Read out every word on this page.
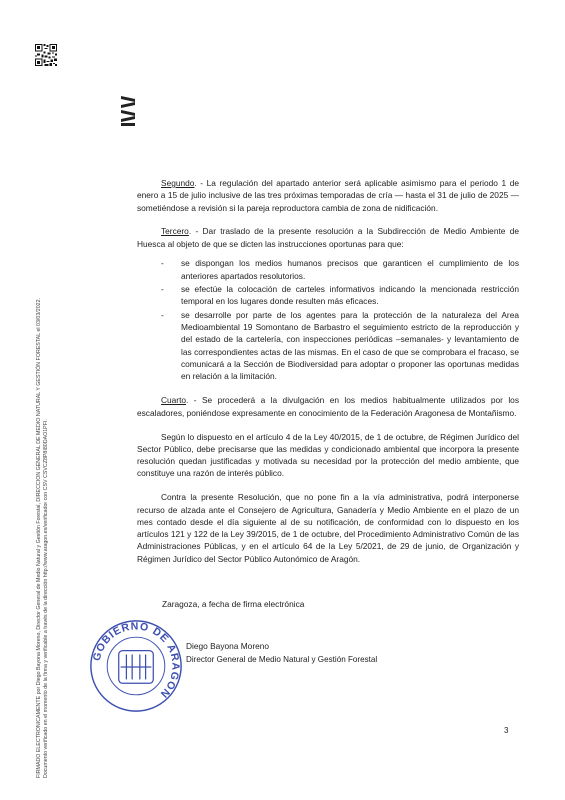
FIRMADO ELECTRONICAMENTE por Diego Bayona Moreno, Director General de Medio Natural y Gestión Forestal, DIRECCION GENERAL DE MEDIO NATURAL Y GESTIÓN FORESTAL el 03/03/2022. Documento verificado en el momento de la firma y verificable a través de la dirección http://www.aragon.es/verificador con CSV CSVCZ8P8I80DAO1PFI.

Segundo. - La regulación del apartado anterior será aplicable asimismo para el periodo 1 de enero a 15 de julio inclusive de las tres próximas temporadas de cría — hasta el 31 de julio de 2025 — sometiéndose a revisión si la pareja reproductora cambia de zona de nidificación.

Tercero. - Dar traslado de la presente resolución a la Subdirección de Medio Ambiente de Huesca al objeto de que se dicten las instrucciones oportunas para que:

- se dispongan los medios humanos precisos que garanticen el cumplimiento de los anteriores apartados resolutorios.
- se efectúe la colocación de carteles informativos indicando la mencionada restricción temporal en los lugares donde resulten más eficaces.
- se desarrolle por parte de los agentes para la protección de la naturaleza del Area Medioambiental 19 Somontano de Barbastro el seguimiento estricto de la reproducción y del estado de la cartelería, con inspecciones periódicas –semanales- y levantamiento de las correspondientes actas de las mismas. En el caso de que se comprobara el fracaso, se comunicará a la Sección de Biodiversidad para adoptar o proponer las oportunas medidas en relación a la limitación.

Cuarto. - Se procederá a la divulgación en los medios habitualmente utilizados por los escaladores, poniéndose expresamente en conocimiento de la Federación Aragonesa de Montañismo.

Según lo dispuesto en el artículo 4 de la Ley 40/2015, de 1 de octubre, de Régimen Jurídico del Sector Público, debe precisarse que las medidas y condicionado ambiental que incorpora la presente resolución quedan justificadas y motivada su necesidad por la protección del medio ambiente, que constituye una razón de interés público.

Contra la presente Resolución, que no pone fin a la vía administrativa, podrá interponerse recurso de alzada ante el Consejero de Agricultura, Ganadería y Medio Ambiente en el plazo de un mes contado desde el día siguiente al de su notificación, de conformidad con lo dispuesto en los artículos 121 y 122 de la Ley 39/2015, de 1 de octubre, del Procedimiento Administrativo Común de las Administraciones Públicas, y en el artículo 64 de la Ley 5/2021, de 29 de junio, de Organización y Régimen Jurídico del Sector Público Autonómico de Aragón.

Zaragoza, a fecha de firma electrónica
GOBIERNO DE ARAGON
Diego Bayona Moreno
Director General de Medio Natural y Gestión Forestal
3
